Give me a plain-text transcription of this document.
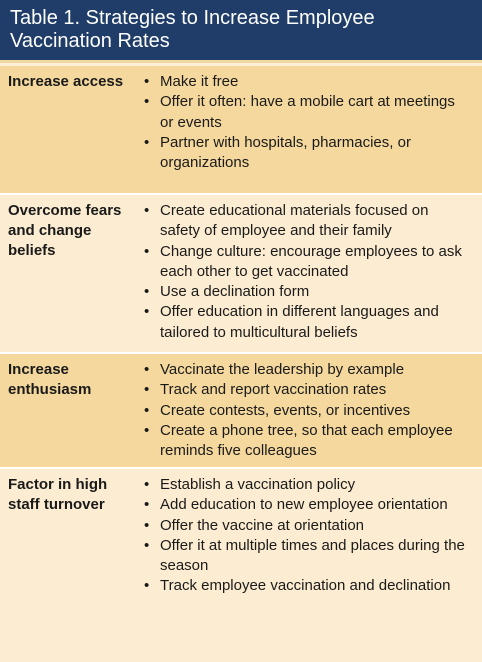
Table 1. Strategies to Increase Employee Vaccination Rates
Increase access	• Make it free
• Offer it often: have a mobile cart at meetings or events
• Partner with hospitals, pharmacies, or organizations
Overcome fears and change beliefs
• Create educational materials focused on safety of employee and their family
• Change culture: encourage employees to ask each other to get vaccinated
• Use a declination form
• Offer education in different languages and tailored to multicultural beliefs
Increase enthusiasm
• Vaccinate the leadership by example
• Track and report vaccination rates
• Create contests, events, or incentives
• Create a phone tree, so that each employee reminds five colleagues
Factor in high staff turnover
• Establish a vaccination policy
• Add education to new employee orientation
• Offer the vaccine at orientation
• Offer it at multiple times and places during the season
• Track employee vaccination and declination
